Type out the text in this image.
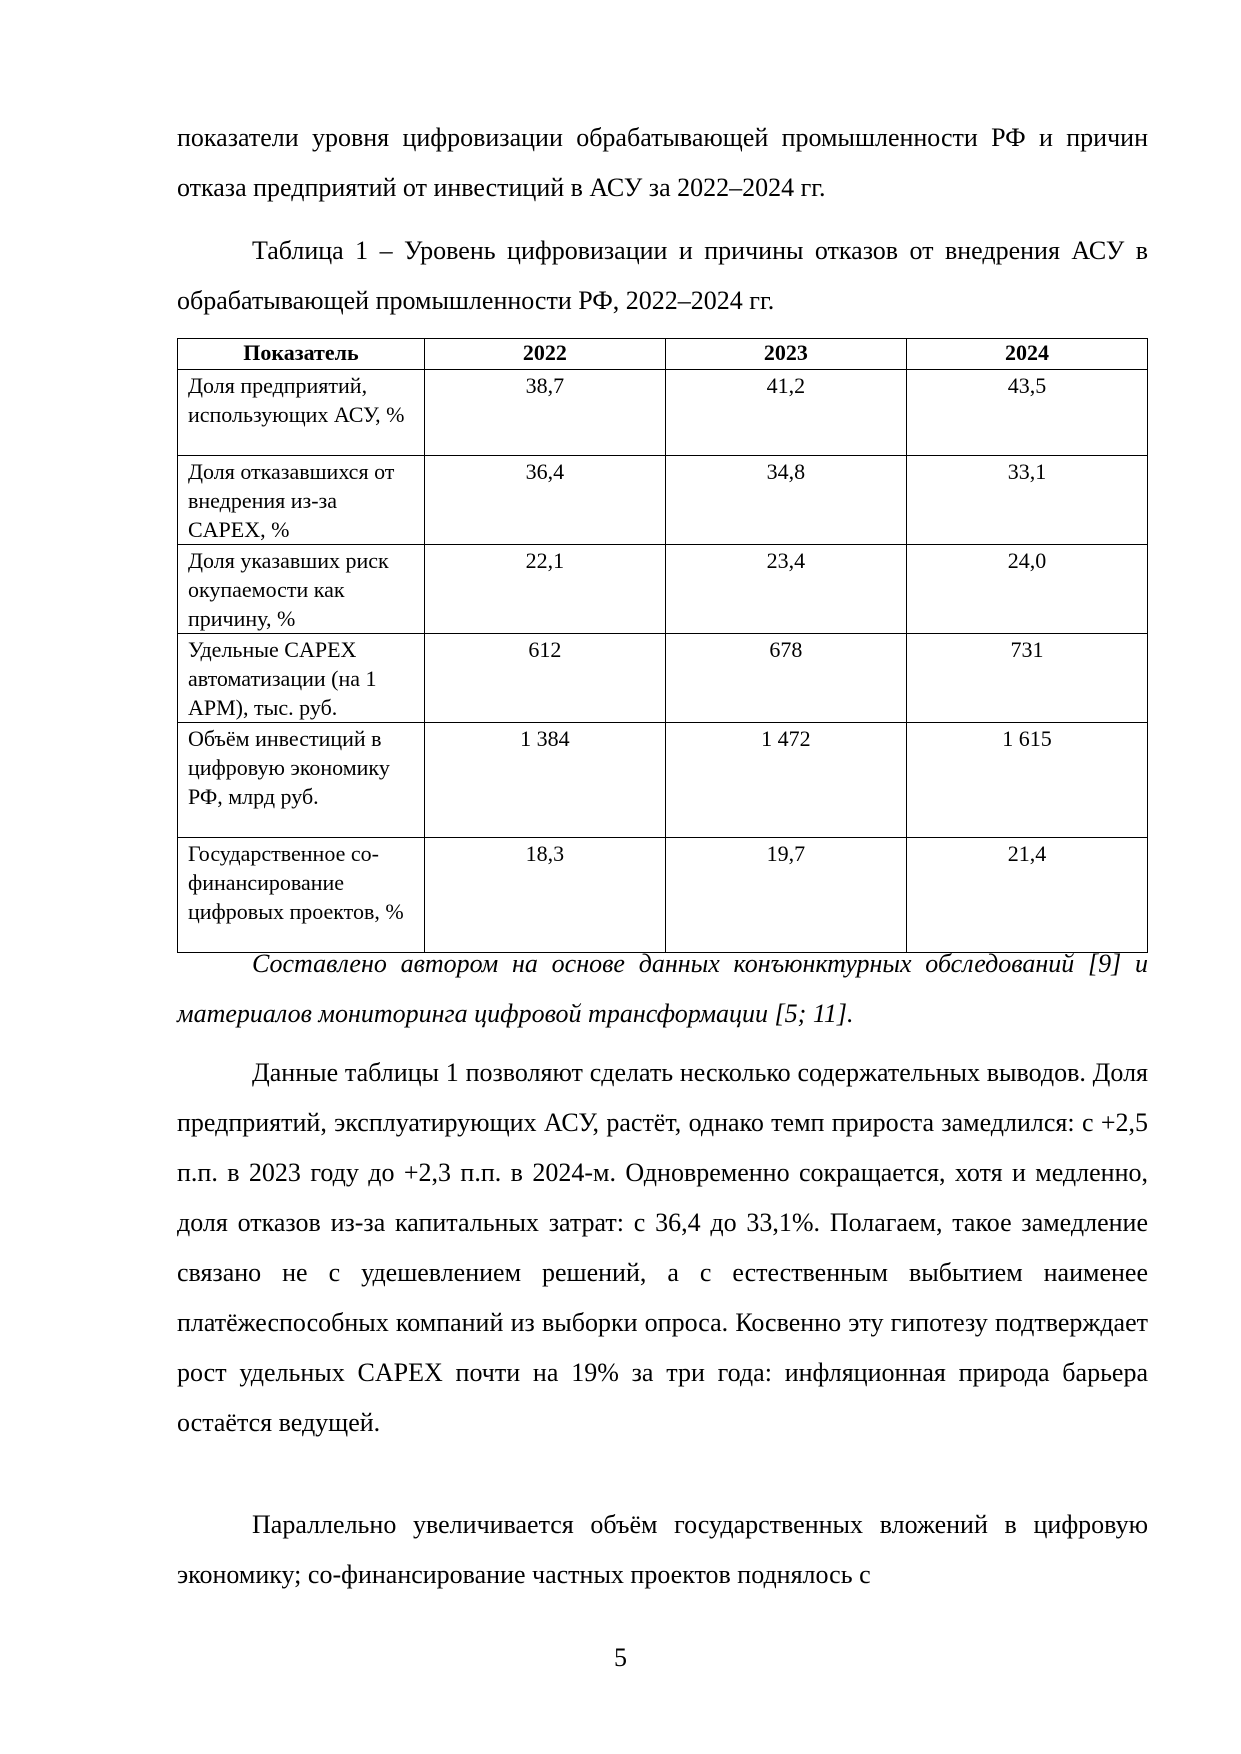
показатели уровня цифровизации обрабатывающей промышленности РФ и причин отказа предприятий от инвестиций в АСУ за 2022–2024 гг.

Таблица 1 – Уровень цифровизации и причины отказов от внедрения АСУ в обрабатывающей промышленности РФ, 2022–2024 гг.

Показатель	2022	2023	2024
Доля предприятий, использующих АСУ, %	38,7	41,2	43,5
Доля отказавшихся от внедрения из-за CAPEX, %	36,4	34,8	33,1
Доля указавших риск окупаемости как причину, %	22,1	23,4	24,0
Удельные CAPEX автоматизации (на 1 АРМ), тыс. руб.	612	678	731
Объём инвестиций в цифровую экономику РФ, млрд руб.	1 384	1 472	1 615
Государственное со-финансирование цифровых проектов, %	18,3	19,7	21,4

Составлено автором на основе данных конъюнктурных обследований [9] и материалов мониторинга цифровой трансформации [5; 11].

Данные таблицы 1 позволяют сделать несколько содержательных выводов. Доля предприятий, эксплуатирующих АСУ, растёт, однако темп прироста замедлился: с +2,5 п.п. в 2023 году до +2,3 п.п. в 2024-м. Одновременно сокращается, хотя и медленно, доля отказов из-за капитальных затрат: с 36,4 до 33,1%. Полагаем, такое замедление связано не с удешевлением решений, а с естественным выбытием наименее платёжеспособных компаний из выборки опроса. Косвенно эту гипотезу подтверждает рост удельных CAPEX почти на 19% за три года: инфляционная природа барьера остаётся ведущей.

Параллельно увеличивается объём государственных вложений в цифровую экономику; со-финансирование частных проектов поднялось с

5
